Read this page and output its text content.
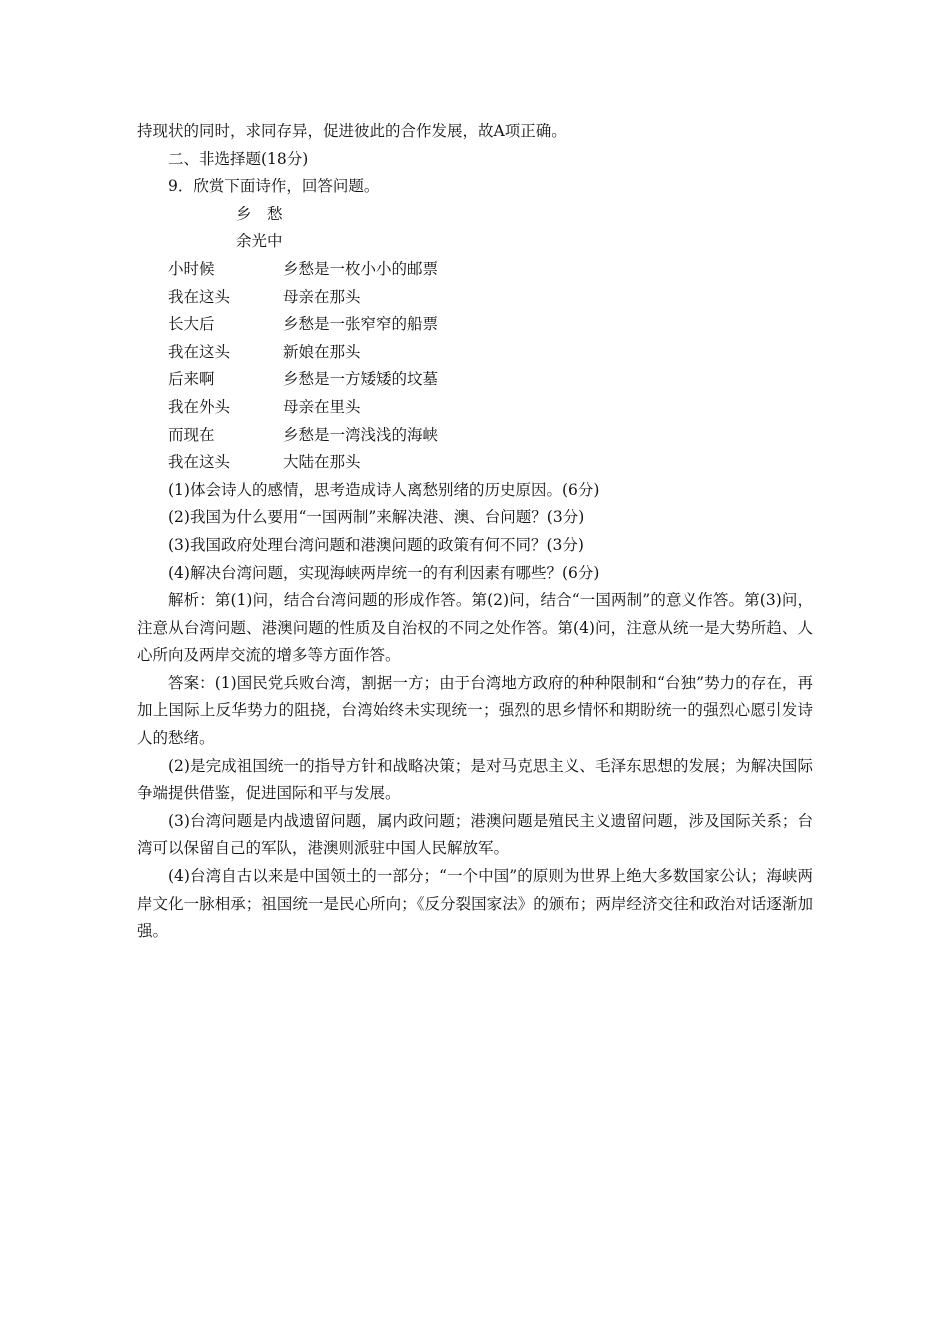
持现状的同时，求同存异，促进彼此的合作发展，故A项正确。

二、非选择题(18分)

9．欣赏下面诗作，回答问题。

乡　愁

余光中

小时候	乡愁是一枚小小的邮票
我在这头	母亲在那头
长大后	乡愁是一张窄窄的船票
我在这头	新娘在那头
后来啊	乡愁是一方矮矮的坟墓
我在外头	母亲在里头
而现在	乡愁是一湾浅浅的海峡
我在这头	大陆在那头

(1)体会诗人的感情，思考造成诗人离愁别绪的历史原因。(6分)

(2)我国为什么要用“一国两制”来解决港、澳、台问题？(3分)

(3)我国政府处理台湾问题和港澳问题的政策有何不同？(3分)

(4)解决台湾问题，实现海峡两岸统一的有利因素有哪些？(6分)

解析：第(1)问，结合台湾问题的形成作答。第(2)问，结合“一国两制”的意义作答。第(3)问，注意从台湾问题、港澳问题的性质及自治权的不同之处作答。第(4)问，注意从统一是大势所趋、人心所向及两岸交流的增多等方面作答。

答案：(1)国民党兵败台湾，割据一方；由于台湾地方政府的种种限制和“台独”势力的存在，再加上国际上反华势力的阻挠，台湾始终未实现统一；强烈的思乡情怀和期盼统一的强烈心愿引发诗人的愁绪。

(2)是完成祖国统一的指导方针和战略决策；是对马克思主义、毛泽东思想的发展；为解决国际争端提供借鉴，促进国际和平与发展。

(3)台湾问题是内战遗留问题，属内政问题；港澳问题是殖民主义遗留问题，涉及国际关系；台湾可以保留自己的军队，港澳则派驻中国人民解放军。

(4)台湾自古以来是中国领土的一部分；“一个中国”的原则为世界上绝大多数国家公认；海峡两岸文化一脉相承；祖国统一是民心所向；《反分裂国家法》的颁布；两岸经济交往和政治对话逐渐加强。
